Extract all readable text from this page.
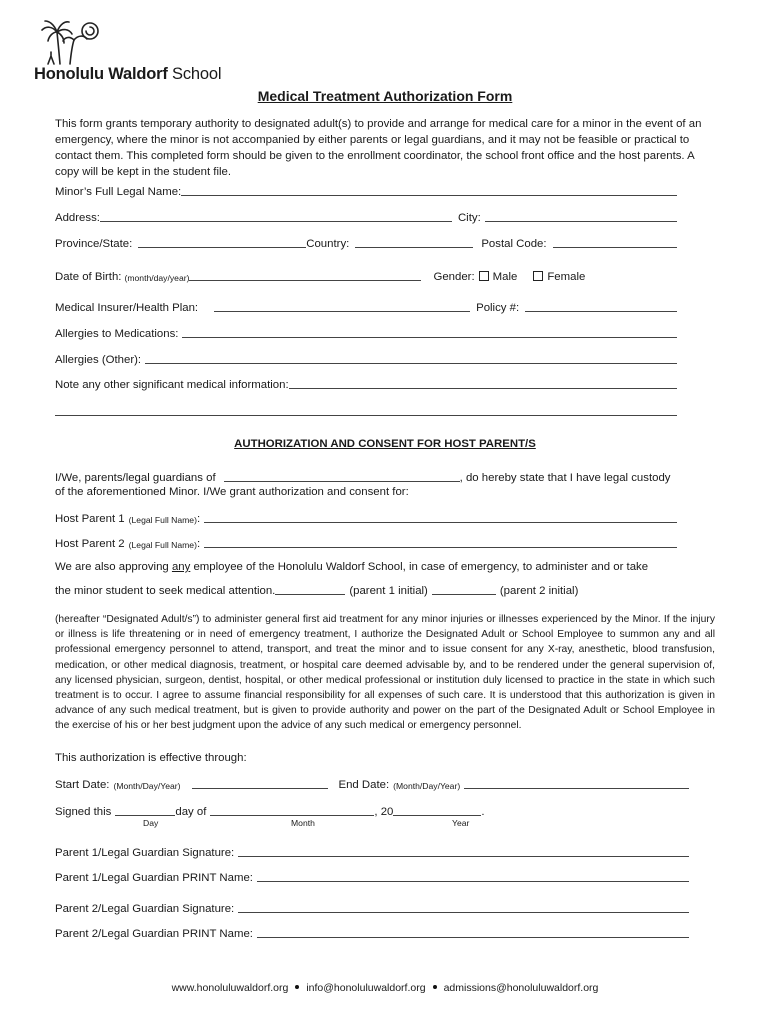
Honolulu Waldorf School
Medical Treatment Authorization Form
This form grants temporary authority to designated adult(s) to provide and arrange for medical care for a minor in the event of an emergency, where the minor is not accompanied by either parents or legal guardians, and it may not be feasible or practical to contact them. This completed form should be given to the enrollment coordinator, the school front office and the host parents. A copy will be kept in the student file.
Minor’s Full Legal Name:
Address:	City:
Province/State:	Country:	Postal Code:
Date of Birth: (month/day/year)	Gender: Male	Female
Medical Insurer/Health Plan:	Policy #:
Allergies to Medications:
Allergies (Other):
Note any other significant medical information:
AUTHORIZATION AND CONSENT FOR HOST PARENT/S
I/We, parents/legal guardians of	, do hereby state that I have legal custody
of the aforementioned Minor. I/We grant authorization and consent for:
Host Parent 1 (Legal Full Name) :
Host Parent 2 (Legal Full Name) :
We are also approving any employee of the Honolulu Waldorf School, in case of emergency, to administer and or take
the minor student to seek medical attention.	(parent 1 initial)	(parent 2 initial)
(hereafter “Designated Adult/s”) to administer general first aid treatment for any minor injuries or illnesses experienced by the Minor. If the injury or illness is life threatening or in need of emergency treatment, I authorize the Designated Adult or School Employee to summon any and all professional emergency personnel to attend, transport, and treat the minor and to issue consent for any X-ray, anesthetic, blood transfusion, medication, or other medical diagnosis, treatment, or hospital care deemed advisable by, and to be rendered under the general supervision of, any licensed physician, surgeon, dentist, hospital, or other medical professional or institution duly licensed to practice in the state in which such treatment is to occur. I agree to assume financial responsibility for all expenses of such care. It is understood that this authorization is given in advance of any such medical treatment, but is given to provide authority and power on the part of the Designated Adult or School Employee in the exercise of his or her best judgment upon the advice of any such medical or emergency personnel.
This authorization is effective through:
Start Date: (Month/Day/Year)	End Date: (Month/Day/Year)
Signed this	day of	, 20	.
Day	Month	Year
Parent 1/Legal Guardian Signature:
Parent 1/Legal Guardian PRINT Name:
Parent 2/Legal Guardian Signature:
Parent 2/Legal Guardian PRINT Name:
www.honoluluwaldorf.org info@honoluluwaldorf.org admissions@honoluluwaldorf.org
